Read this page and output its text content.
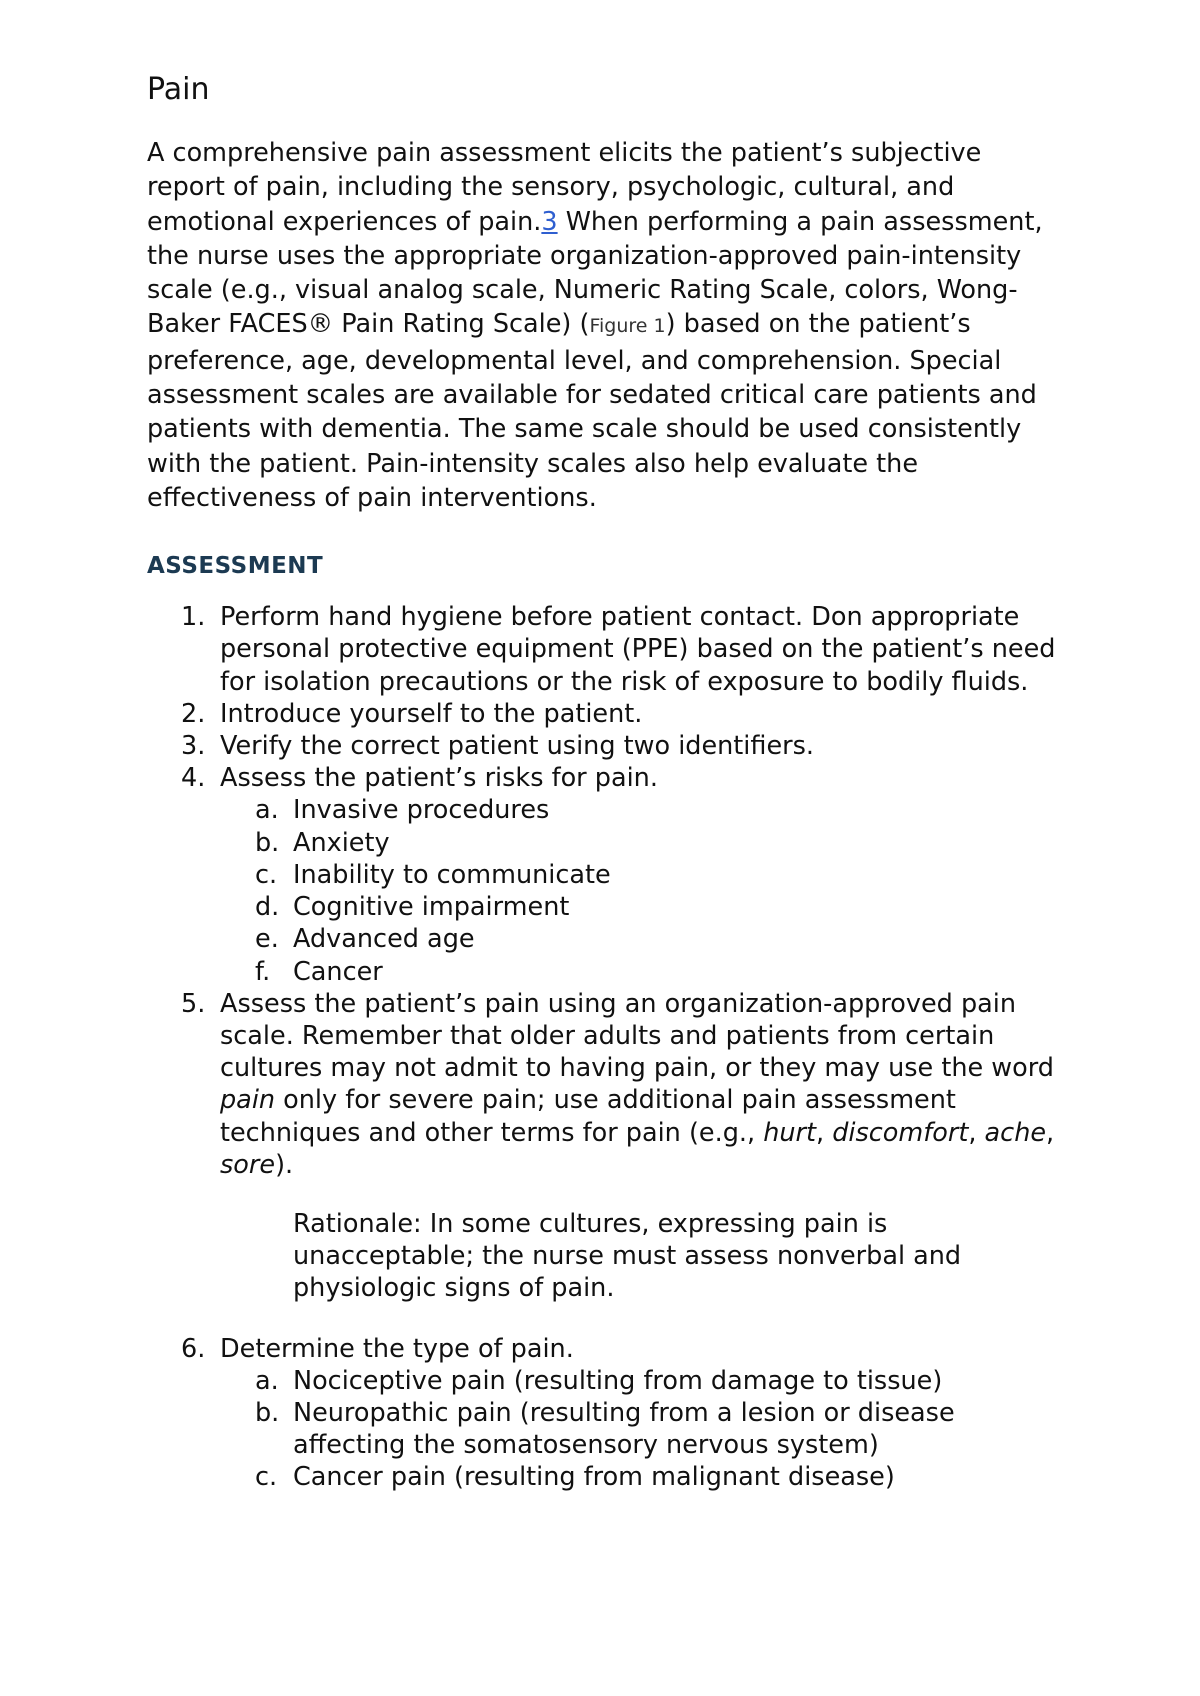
Pain

A comprehensive pain assessment elicits the patient’s subjective report of pain, including the sensory, psychologic, cultural, and emotional experiences of pain.3 When performing a pain assessment, the nurse uses the appropriate organization-approved pain-intensity scale (e.g., visual analog scale, Numeric Rating Scale, colors, Wong-Baker FACES® Pain Rating Scale) (Figure 1) based on the patient’s preference, age, developmental level, and comprehension. Special assessment scales are available for sedated critical care patients and patients with dementia. The same scale should be used consistently with the patient. Pain-intensity scales also help evaluate the effectiveness of pain interventions.

ASSESSMENT
1. Perform hand hygiene before patient contact. Don appropriate personal protective equipment (PPE) based on the patient’s need for isolation precautions or the risk of exposure to bodily fluids.
2. Introduce yourself to the patient.
3. Verify the correct patient using two identifiers.
4. Assess the patient’s risks for pain.
a. Invasive procedures
b. Anxiety
c. Inability to communicate
d. Cognitive impairment
e. Advanced age
f. Cancer
5. Assess the patient’s pain using an organization-approved pain scale. Remember that older adults and patients from certain cultures may not admit to having pain, or they may use the word pain only for severe pain; use additional pain assessment techniques and other terms for pain (e.g., hurt, discomfort, ache, sore).
Rationale: In some cultures, expressing pain is unacceptable; the nurse must assess nonverbal and physiologic signs of pain.
6. Determine the type of pain.
a. Nociceptive pain (resulting from damage to tissue)
b. Neuropathic pain (resulting from a lesion or disease affecting the somatosensory nervous system)
c. Cancer pain (resulting from malignant disease)
